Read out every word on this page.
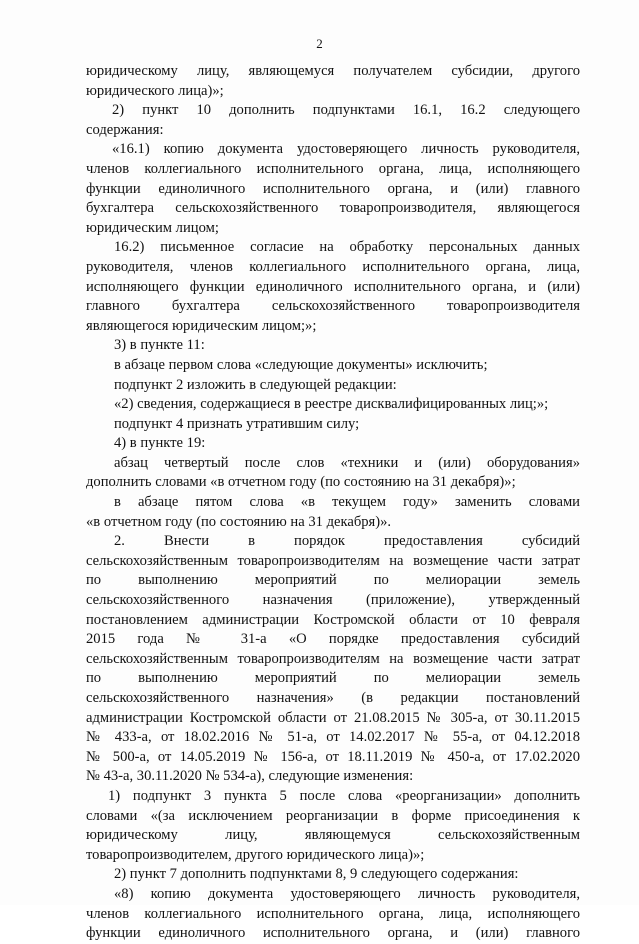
2
юридическому лицу, являющемуся получателем субсидии, другого
юридического лица)»;
2) пункт 10 дополнить подпунктами 16.1, 16.2 следующего
содержания:
«16.1) копию документа удостоверяющего личность руководителя,
членов коллегиального исполнительного органа, лица, исполняющего
функции единоличного исполнительного органа, и (или) главного
бухгалтера сельскохозяйственного товаропроизводителя, являющегося
юридическим лицом;
16.2) письменное согласие на обработку персональных данных
руководителя, членов коллегиального исполнительного органа, лица,
исполняющего функции единоличного исполнительного органа, и (или)
главного бухгалтера сельскохозяйственного товаропроизводителя
являющегося юридическим лицом;»;
3) в пункте 11:
в абзаце первом слова «следующие документы» исключить;
подпункт 2 изложить в следующей редакции:
«2) сведения, содержащиеся в реестре дисквалифицированных лиц;»;
подпункт 4 признать утратившим силу;
4) в пункте 19:
абзац четвертый после слов «техники и (или) оборудования»
дополнить словами «в отчетном году (по состоянию на 31 декабря)»;
в абзаце пятом слова «в текущем году» заменить словами
«в отчетном году (по состоянию на 31 декабря)».
2. Внести в порядок предоставления субсидий
сельскохозяйственным товаропроизводителям на возмещение части затрат
по выполнению мероприятий по мелиорации земель
сельскохозяйственного назначения (приложение), утвержденный
постановлением администрации Костромской области от 10 февраля
2015 года № 31-а «О порядке предоставления субсидий
сельскохозяйственным товаропроизводителям на возмещение части затрат
по выполнению мероприятий по мелиорации земель
сельскохозяйственного назначения» (в редакции постановлений
администрации Костромской области от 21.08.2015 № 305-а, от 30.11.2015
№ 433-а, от 18.02.2016 № 51-а, от 14.02.2017 № 55-а, от 04.12.2018
№ 500-а, от 14.05.2019 № 156-а, от 18.11.2019 № 450-а, от 17.02.2020
№ 43-а, 30.11.2020 № 534-а), следующие изменения:
1) подпункт 3 пункта 5 после слова «реорганизации» дополнить
словами «(за исключением реорганизации в форме присоединения к
юридическому лицу, являющемуся сельскохозяйственным
товаропроизводителем, другого юридического лица)»;
2) пункт 7 дополнить подпунктами 8, 9 следующего содержания:
«8) копию документа удостоверяющего личность руководителя,
членов коллегиального исполнительного органа, лица, исполняющего
функции единоличного исполнительного органа, и (или) главного
